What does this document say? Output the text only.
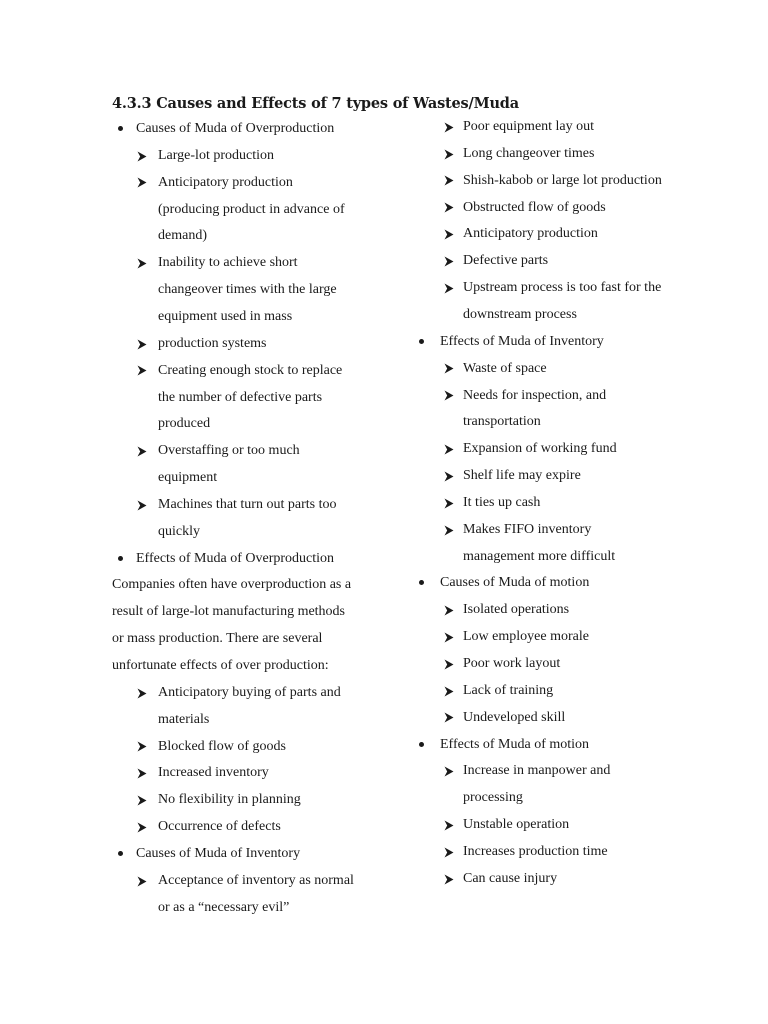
4.3.3 Causes and Effects of 7 types of Wastes/Muda
Causes of Muda of Overproduction
Large-lot production
Anticipatory production
(producing product in advance of
demand)
Inability to achieve short
changeover times with the large
equipment used in mass
production systems
Creating enough stock to replace
the number of defective parts
produced
Overstaffing or too much
equipment
Machines that turn out parts too
quickly
Effects of Muda of Overproduction
Companies often have overproduction as a
result of large-lot manufacturing methods
or mass production. There are several
unfortunate effects of over production:
Anticipatory buying of parts and
materials
Blocked flow of goods
Increased inventory
No flexibility in planning
Occurrence of defects
Causes of Muda of Inventory
Acceptance of inventory as normal
or as a “necessary evil”
Poor equipment lay out
Long changeover times
Shish-kabob or large lot production
Obstructed flow of goods
Anticipatory production
Defective parts
Upstream process is too fast for the
downstream process
Effects of Muda of Inventory
Waste of space
Needs for inspection, and
transportation
Expansion of working fund
Shelf life may expire
It ties up cash
Makes FIFO inventory
management more difficult
Causes of Muda of motion
Isolated operations
Low employee morale
Poor work layout
Lack of training
Undeveloped skill
Effects of Muda of motion
Increase in manpower and
processing
Unstable operation
Increases production time
Can cause injury
